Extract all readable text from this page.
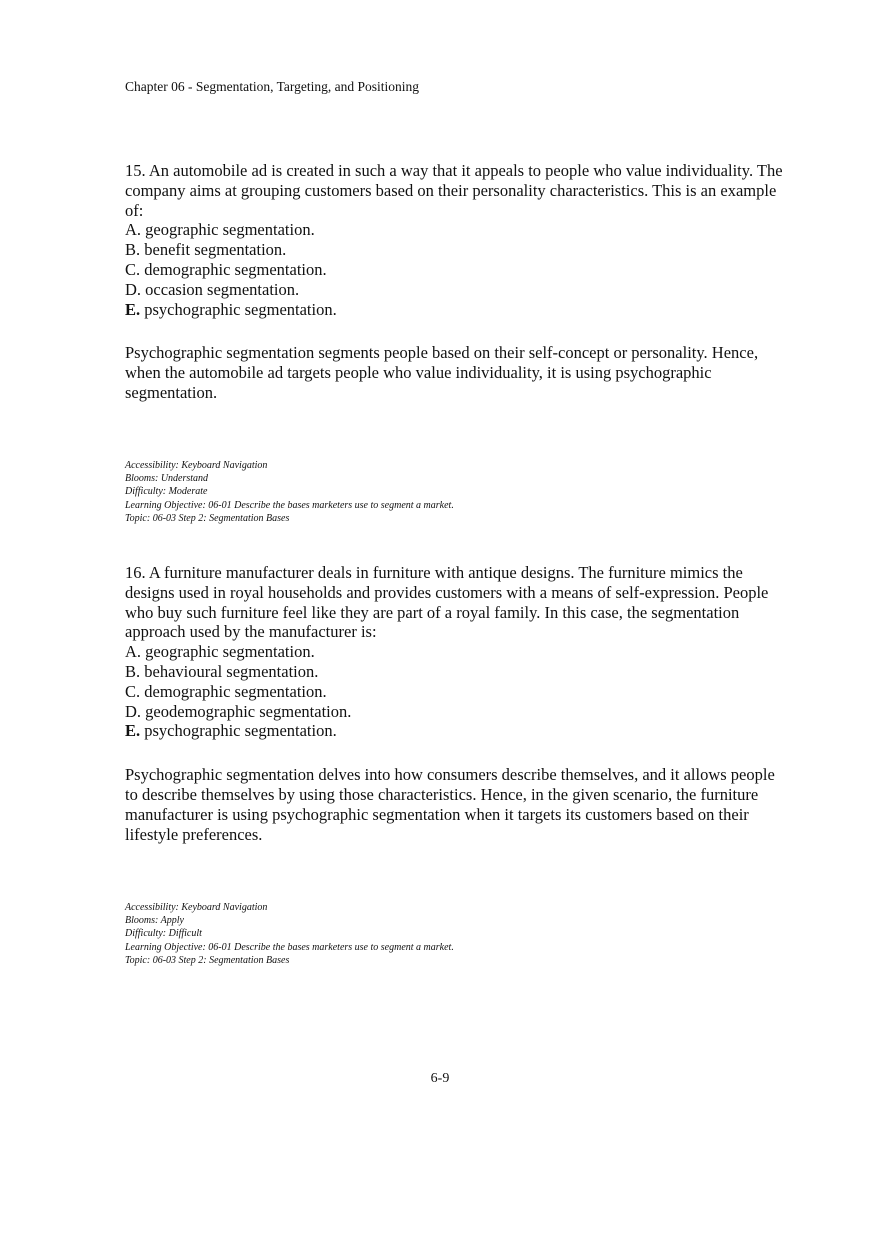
Chapter 06 - Segmentation, Targeting, and Positioning

15. An automobile ad is created in such a way that it appeals to people who value individuality. The company aims at grouping customers based on their personality characteristics. This is an example of:

A. geographic segmentation.
B. benefit segmentation.
C. demographic segmentation.
D. occasion segmentation.
E. psychographic segmentation.

Psychographic segmentation segments people based on their self-concept or personality. Hence, when the automobile ad targets people who value individuality, it is using psychographic segmentation.

Accessibility: Keyboard Navigation
Blooms: Understand
Difficulty: Moderate
Learning Objective: 06-01 Describe the bases marketers use to segment a market.
Topic: 06-03 Step 2: Segmentation Bases

16. A furniture manufacturer deals in furniture with antique designs. The furniture mimics the designs used in royal households and provides customers with a means of self-expression. People who buy such furniture feel like they are part of a royal family. In this case, the segmentation approach used by the manufacturer is:

A. geographic segmentation.
B. behavioural segmentation.
C. demographic segmentation.
D. geodemographic segmentation.
E. psychographic segmentation.

Psychographic segmentation delves into how consumers describe themselves, and it allows people to describe themselves by using those characteristics. Hence, in the given scenario, the furniture manufacturer is using psychographic segmentation when it targets its customers based on their lifestyle preferences.

Accessibility: Keyboard Navigation
Blooms: Apply
Difficulty: Difficult
Learning Objective: 06-01 Describe the bases marketers use to segment a market.
Topic: 06-03 Step 2: Segmentation Bases
6-9
